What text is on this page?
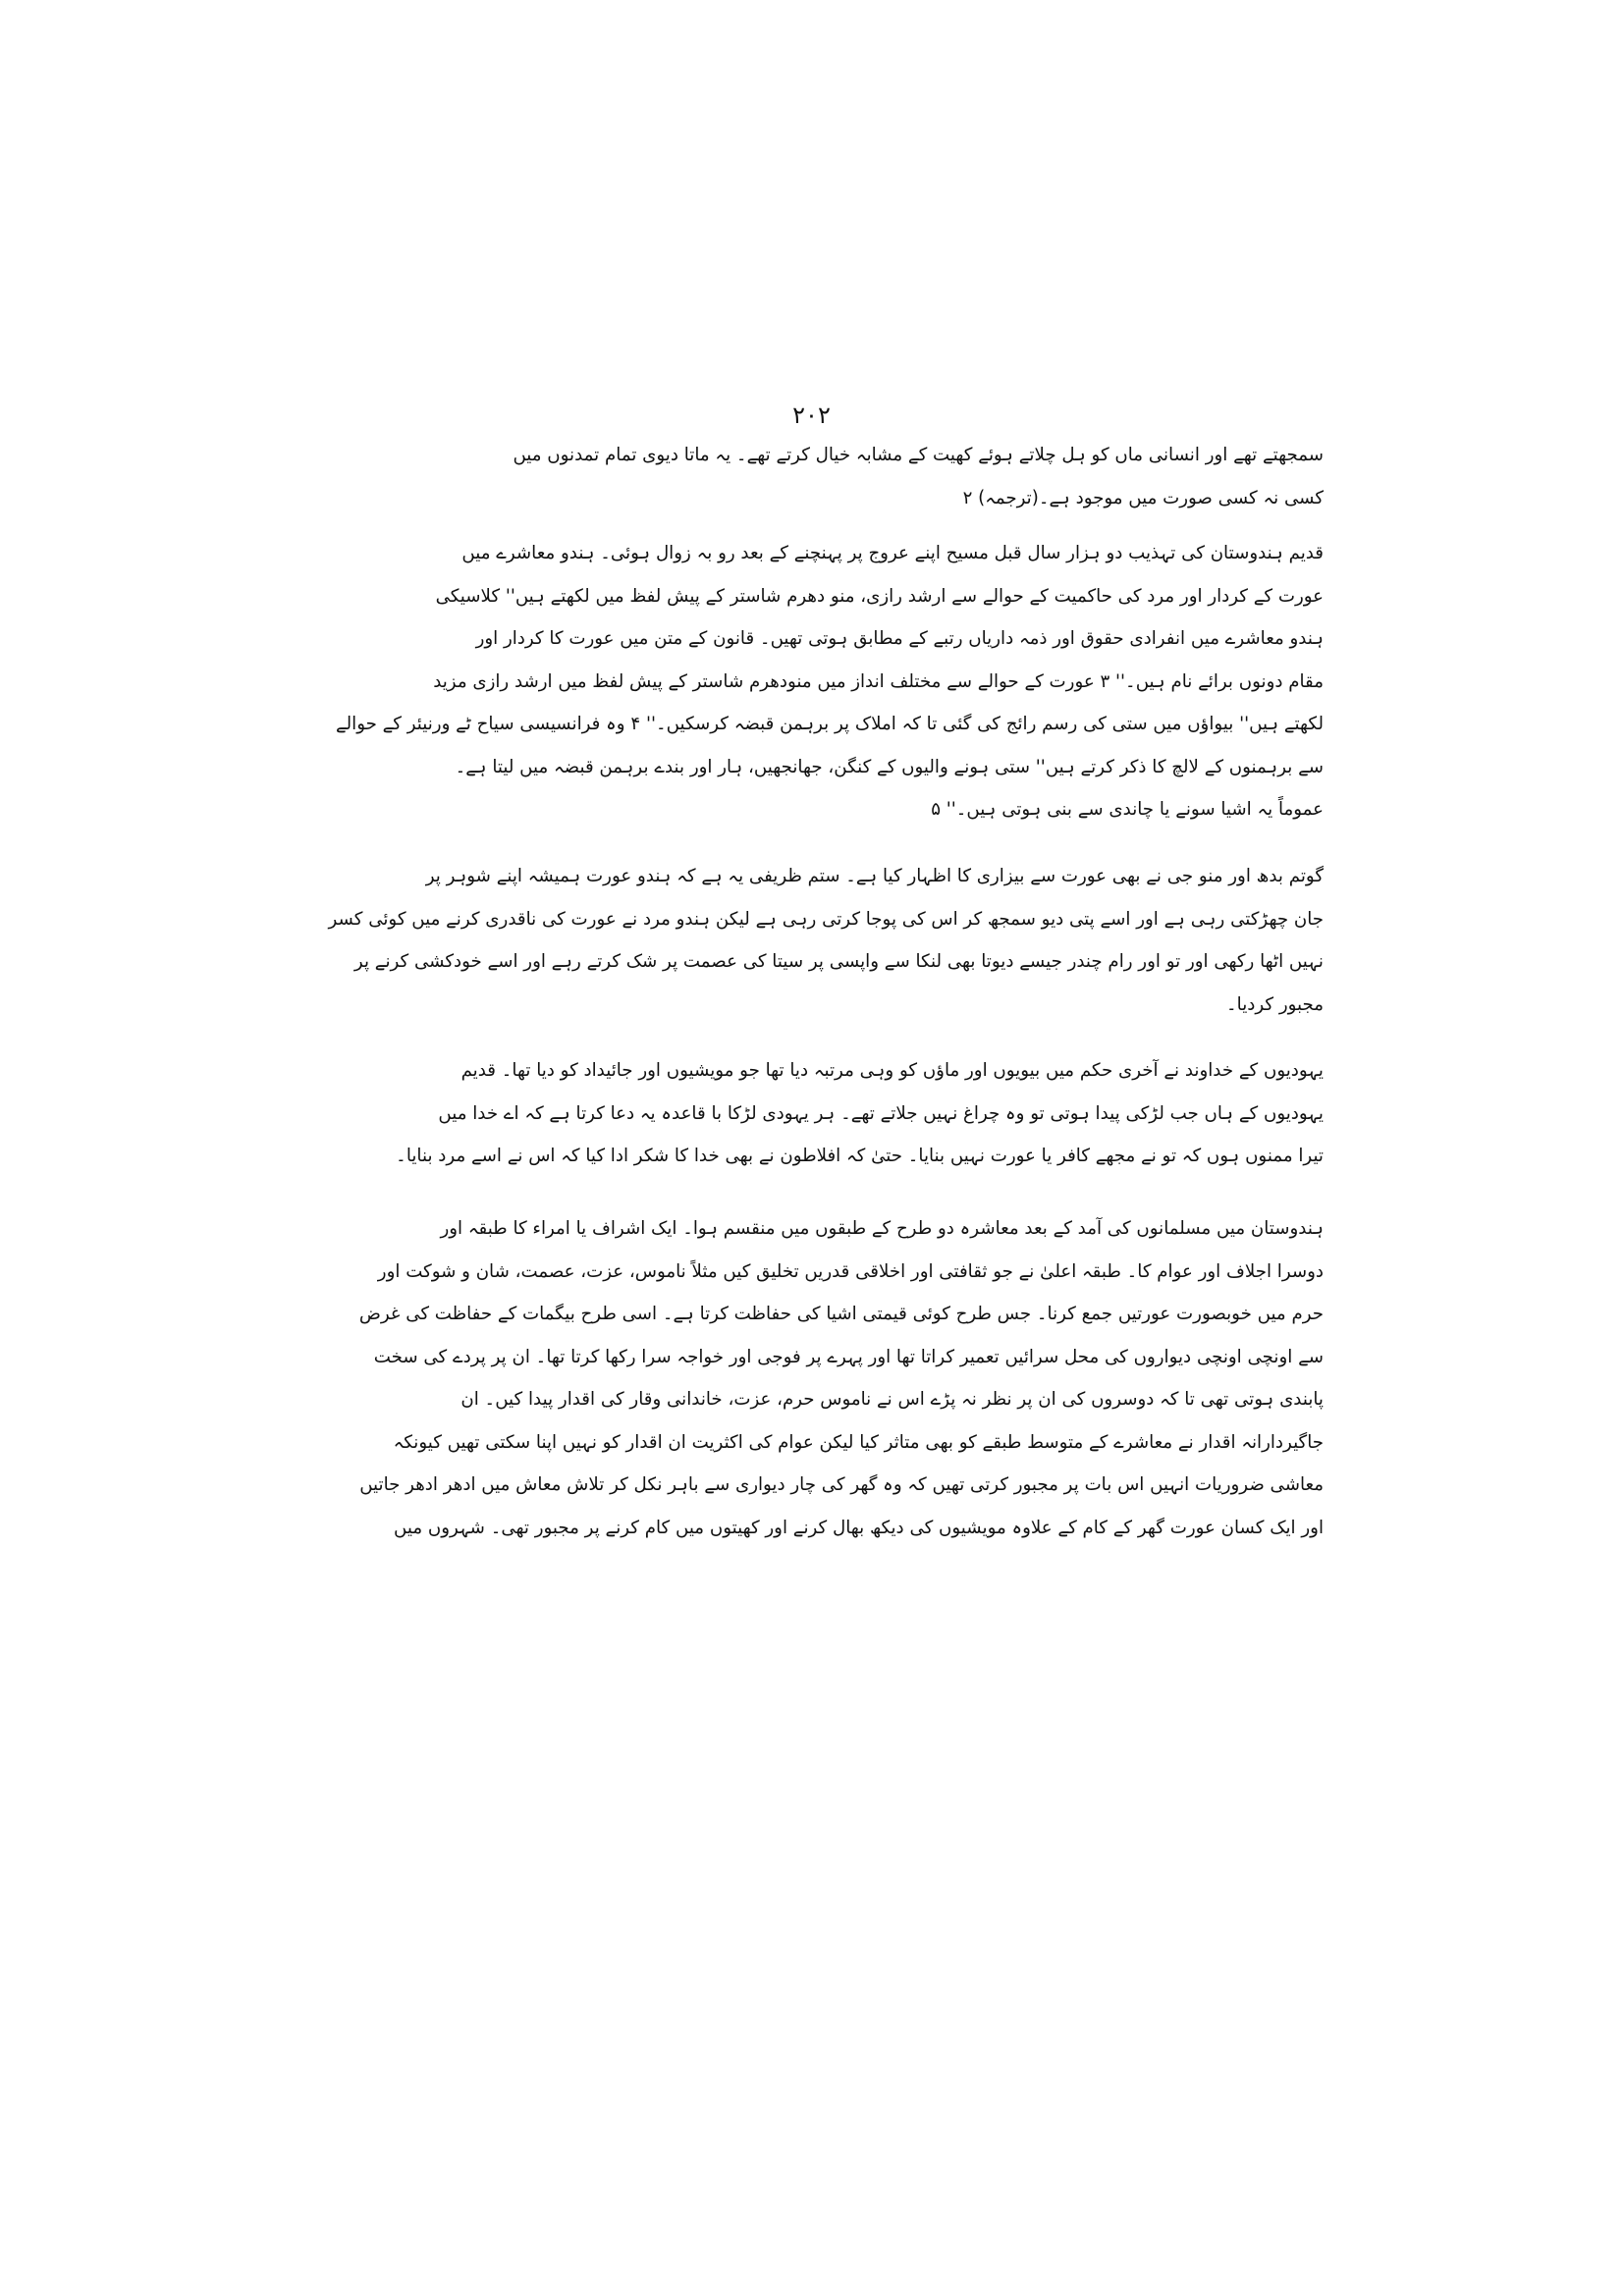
۲۰۲
سمجھتے تھے اور انسانی ماں کو ہل چلاتے ہوئے کھیت کے مشابہ خیال کرتے تھے۔ یہ ماتا دیوی تمام تمدنوں میں
کسی نہ کسی صورت میں موجود ہے۔(ترجمہ) ۲
قدیم ہندوستان کی تہذیب دو ہزار سال قبل مسیح اپنے عروج پر پہنچنے کے بعد رو بہ زوال ہوئی۔ ہندو معاشرے میں
عورت کے کردار اور مرد کی حاکمیت کے حوالے سے ارشد رازی، منو دھرم شاستر کے پیش لفظ میں لکھتے ہیں'' کلاسیکی
ہندو معاشرے میں انفرادی حقوق اور ذمہ داریاں رتبے کے مطابق ہوتی تھیں۔ قانون کے متن میں عورت کا کردار اور
مقام دونوں برائے نام ہیں۔'' ۳ عورت کے حوالے سے مختلف انداز میں منودھرم شاستر کے پیش لفظ میں ارشد رازی مزید
لکھتے ہیں'' بیواؤں میں ستی کی رسم رائج کی گئی تا کہ املاک پر برہمن قبضہ کرسکیں۔'' ۴ وہ فرانسیسی سیاح ٹے ورنیئر کے حوالے
سے برہمنوں کے لالچ کا ذکر کرتے ہیں'' ستی ہونے والیوں کے کنگن، جھانجھیں، ہار اور بندے برہمن قبضہ میں لیتا ہے۔
عموماً یہ اشیا سونے یا چاندی سے بنی ہوتی ہیں۔'' ۵
گوتم بدھ اور منو جی نے بھی عورت سے بیزاری کا اظہار کیا ہے۔ ستم ظریفی یہ ہے کہ ہندو عورت ہمیشہ اپنے شوہر پر
جان چھڑکتی رہی ہے اور اسے پتی دیو سمجھ کر اس کی پوجا کرتی رہی ہے لیکن ہندو مرد نے عورت کی ناقدری کرنے میں کوئی کسر
نہیں اٹھا رکھی اور تو اور رام چندر جیسے دیوتا بھی لنکا سے واپسی پر سیتا کی عصمت پر شک کرتے رہے اور اسے خودکشی کرنے پر
مجبور کردیا۔
یہودیوں کے خداوند نے آخری حکم میں بیویوں اور ماؤں کو وہی مرتبہ دیا تھا جو مویشیوں اور جائیداد کو دیا تھا۔ قدیم
یہودیوں کے ہاں جب لڑکی پیدا ہوتی تو وہ چراغ نہیں جلاتے تھے۔ ہر یہودی لڑکا با قاعدہ یہ دعا کرتا ہے کہ اے خدا میں
تیرا ممنوں ہوں کہ تو نے مجھے کافر یا عورت نہیں بنایا۔ حتیٰ کہ افلاطون نے بھی خدا کا شکر ادا کیا کہ اس نے اسے مرد بنایا۔
ہندوستان میں مسلمانوں کی آمد کے بعد معاشرہ دو طرح کے طبقوں میں منقسم ہوا۔ ایک اشراف یا امراء کا طبقہ اور
دوسرا اجلاف اور عوام کا۔ طبقہ اعلیٰ نے جو ثقافتی اور اخلاقی قدریں تخلیق کیں مثلاً ناموس، عزت، عصمت، شان و شوکت اور
حرم میں خوبصورت عورتیں جمع کرنا۔ جس طرح کوئی قیمتی اشیا کی حفاظت کرتا ہے۔ اسی طرح بیگمات کے حفاظت کی غرض
سے اونچی اونچی دیواروں کی محل سرائیں تعمیر کراتا تھا اور پہرے پر فوجی اور خواجہ سرا رکھا کرتا تھا۔ ان پر پردے کی سخت
پابندی ہوتی تھی تا کہ دوسروں کی ان پر نظر نہ پڑے اس نے ناموس حرم، عزت، خاندانی وقار کی اقدار پیدا کیں۔ ان
جاگیردارانہ اقدار نے معاشرے کے متوسط طبقے کو بھی متاثر کیا لیکن عوام کی اکثریت ان اقدار کو نہیں اپنا سکتی تھیں کیونکہ
معاشی ضروریات انہیں اس بات پر مجبور کرتی تھیں کہ وہ گھر کی چار دیواری سے باہر نکل کر تلاش معاش میں ادھر ادھر جاتیں
اور ایک کسان عورت گھر کے کام کے علاوہ مویشیوں کی دیکھ بھال کرنے اور کھیتوں میں کام کرنے پر مجبور تھی۔ شہروں میں
